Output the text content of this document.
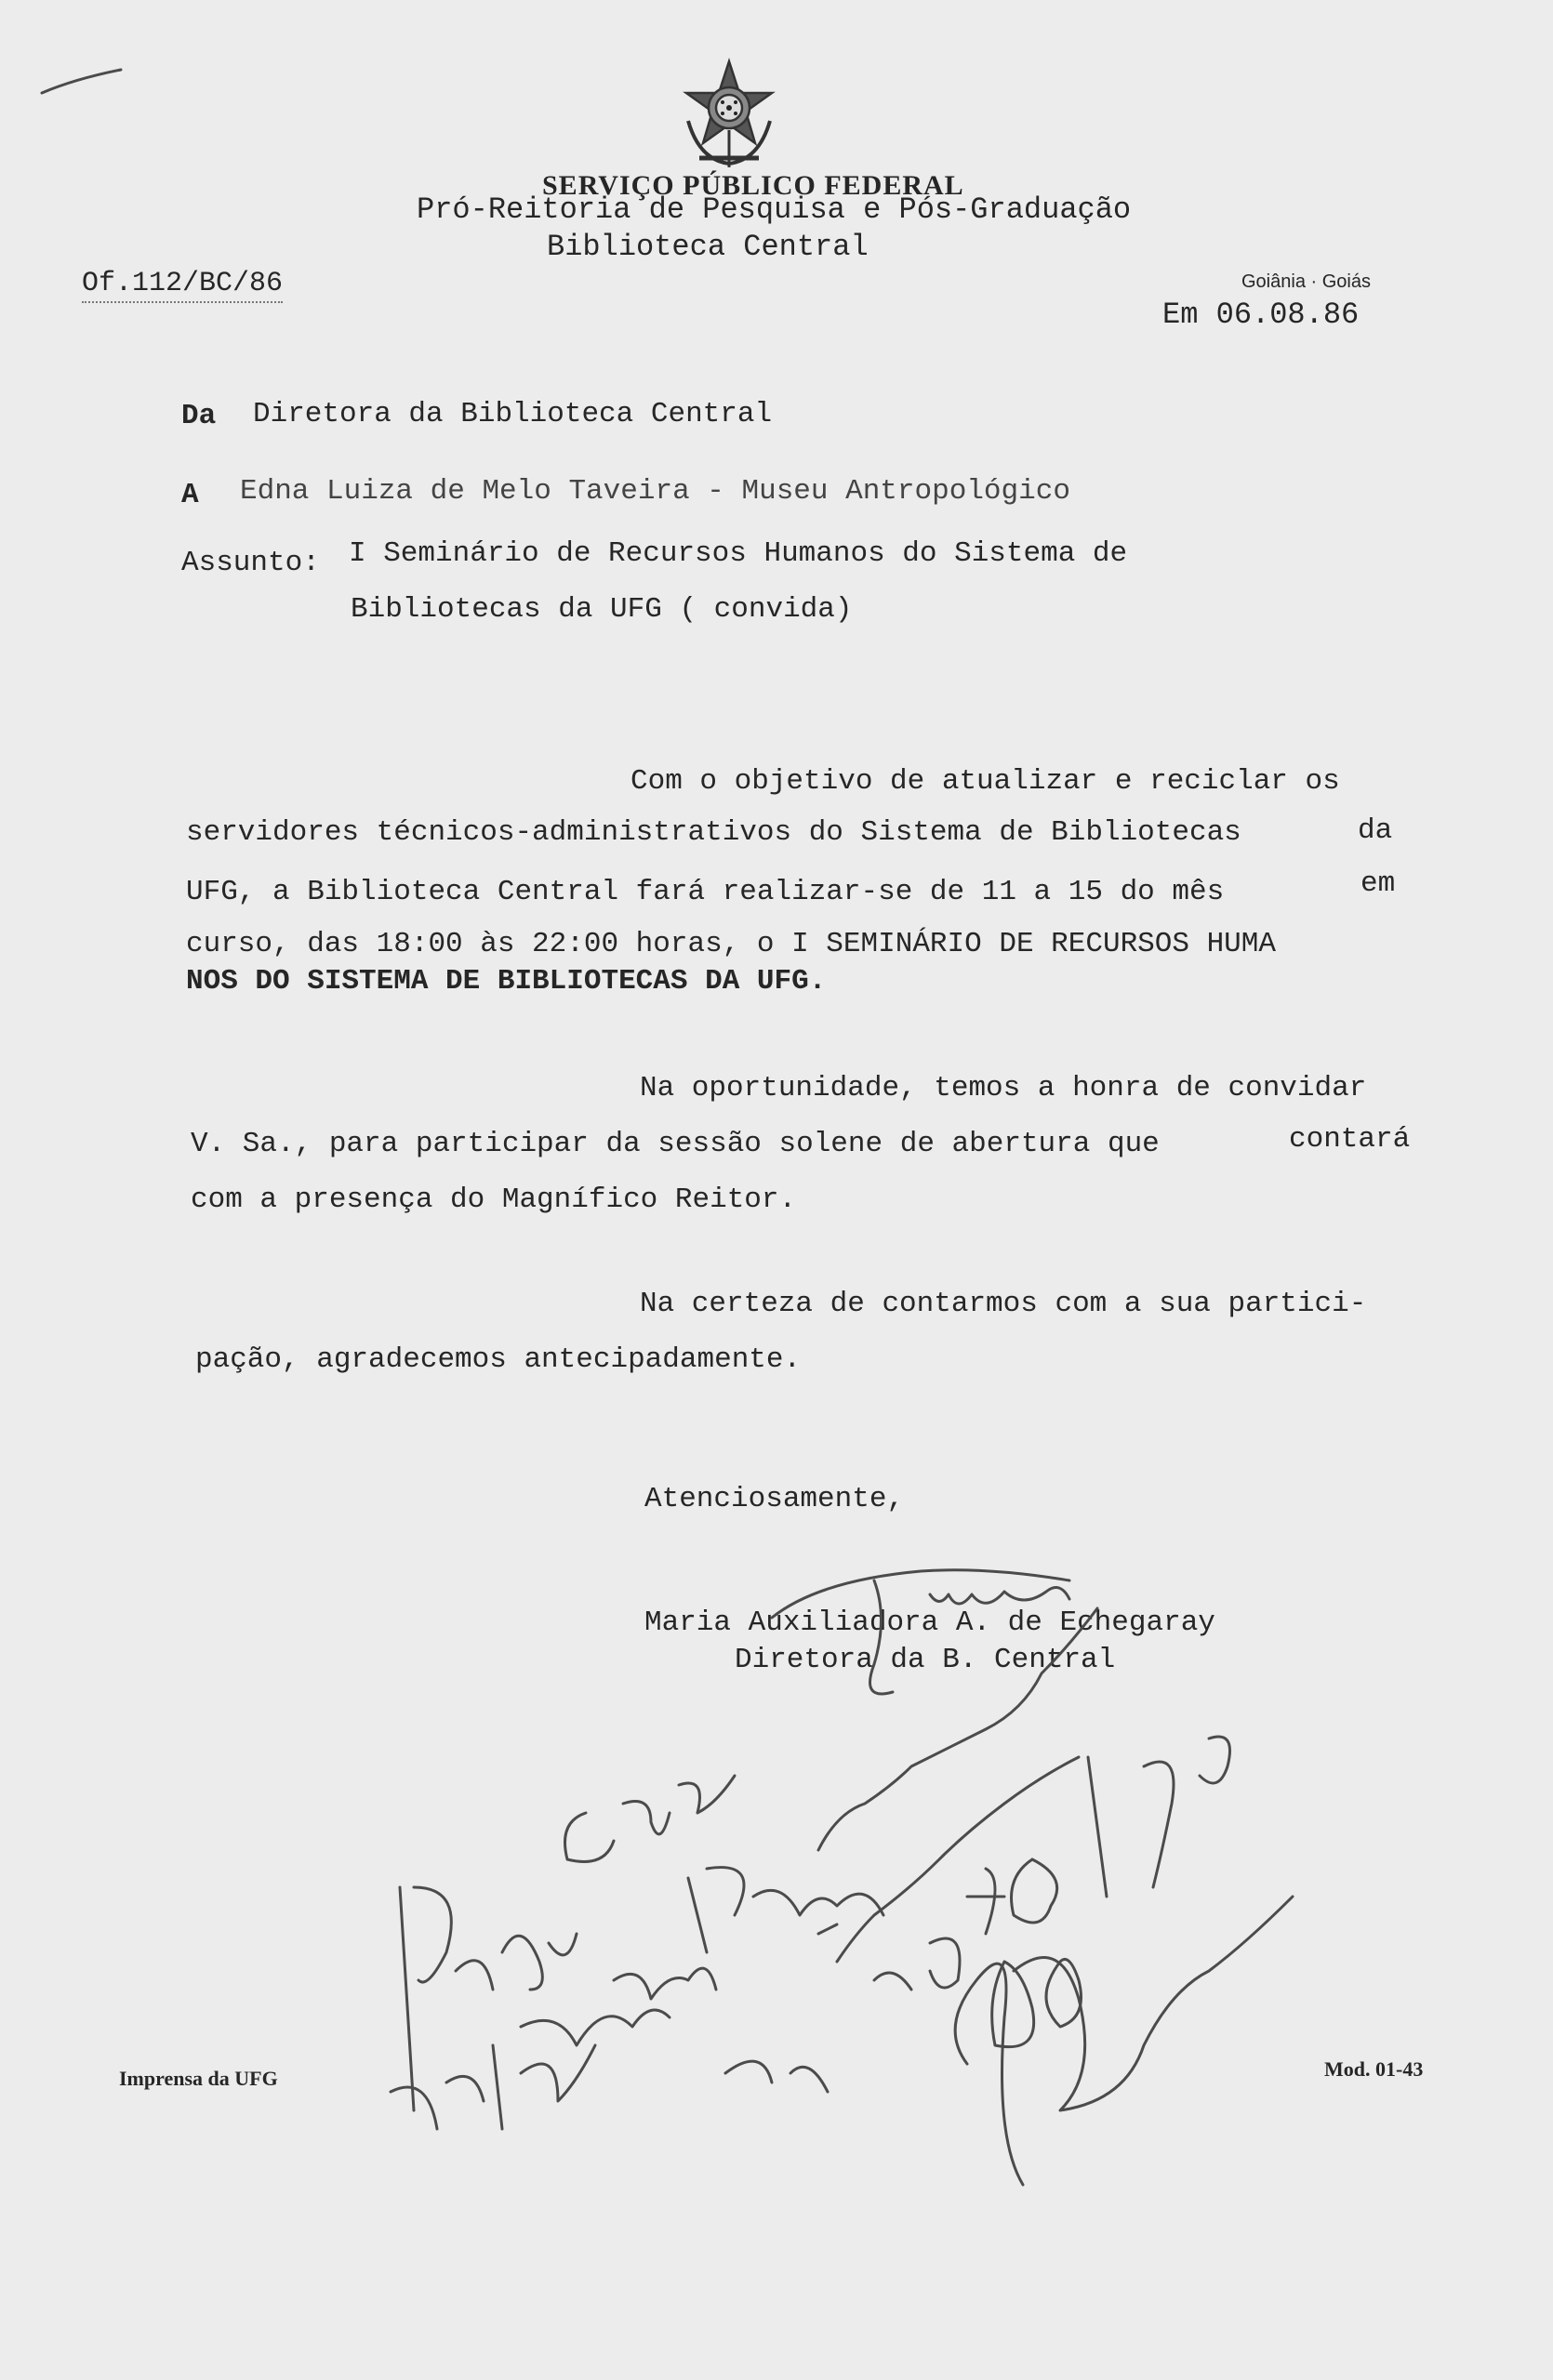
SERVIÇO PÚBLICO FEDERAL
Pró-Reitoria de Pesquisa e Pós-Graduação
Biblioteca Central
Of.112/BC/86	Goiânia · Goiás
Em 06.08.86
Da Diretora da Biblioteca Central
A Edna Luiza de Melo Taveira - Museu Antropológico
Assunto: I Seminário de Recursos Humanos do Sistema de
Bibliotecas da UFG ( convida)
Com o objetivo de atualizar e reciclar os
servidores técnicos-administrativos do Sistema de Bibliotecas	da
UFG, a Biblioteca Central fará realizar-se de 11 a 15 do mês	em
curso, das 18:00 às 22:00 horas, o I SEMINÁRIO DE RECURSOS HUMA
NOS DO SISTEMA DE BIBLIOTECAS DA UFG.
Na oportunidade, temos a honra de convidar
V. Sa., para participar da sessão solene de abertura que	contará
com a presença do Magnífico Reitor.
Na certeza de contarmos com a sua partici-
pação, agradecemos antecipadamente.
Atenciosamente,
Maria Auxiliadora A. de Echegaray
Diretora da B. Central
Imprensa da UFG	Mod. 01-43
